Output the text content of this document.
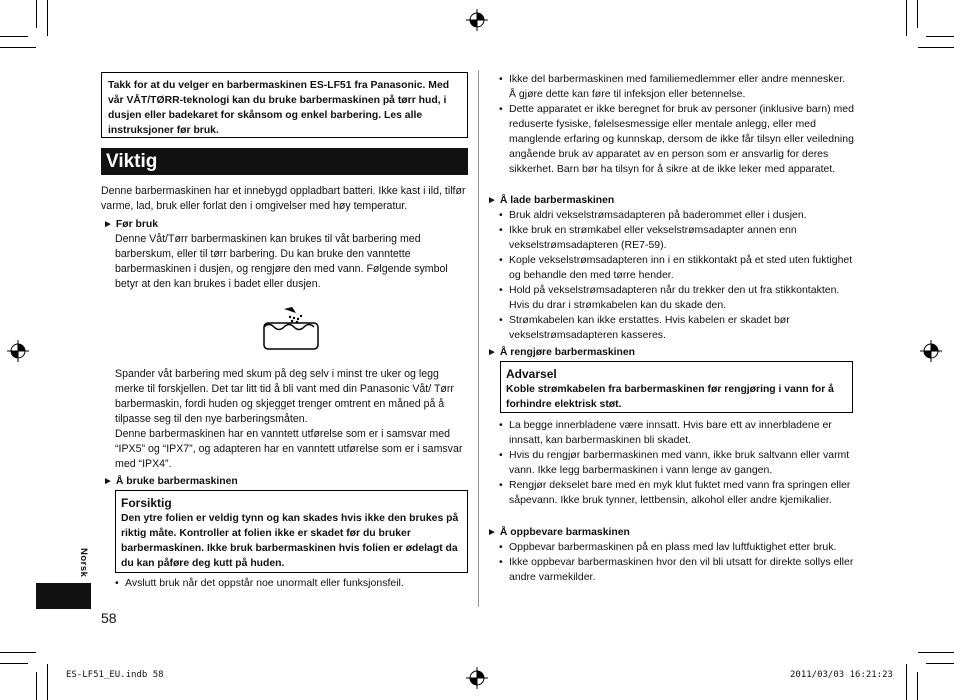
Takk for at du velger en barbermaskinen ES-LF51 fra Panasonic. Med vår VÅT/TØRR-teknologi kan du bruke barbermaskinen på tørr hud, i dusjen eller badekaret for skånsom og enkel barbering. Les alle instruksjoner før bruk.
Viktig
Denne barbermaskinen har et innebygd oppladbart batteri. Ikke kast i ild, tilfør varme, lad, bruk eller forlat den i omgivelser med høy temperatur.
► Før bruk
Denne Våt/Tørr barbermaskinen kan brukes til våt barbering med barberskum, eller til tørr barbering. Du kan bruke den vanntette barbermaskinen i dusjen, og rengjøre den med vann. Følgende symbol betyr at den kan brukes i badet eller dusjen.
Spander våt barbering med skum på deg selv i minst tre uker og legg merke til forskjellen. Det tar litt tid å bli vant med din Panasonic Våt/ Tørr barbermaskin, fordi huden og skjegget trenger omtrent en måned på å tilpasse seg til den nye barberingsmåten.
Denne barbermaskinen har en vanntett utførelse som er i samsvar med “IPX5” og “IPX7”, og adapteren har en vanntett utførelse som er i samsvar med “IPX4”.
► Å bruke barbermaskinen
Forsiktig
Den ytre folien er veldig tynn og kan skades hvis ikke den brukes på riktig måte. Kontroller at folien ikke er skadet før du bruker barbermaskinen. Ikke bruk barbermaskinen hvis folien er ødelagt da du kan påføre deg kutt på huden.
• Avslutt bruk når det oppstår noe unormalt eller funksjonsfeil.
Norsk
58
• Ikke del barbermaskinen med familiemedlemmer eller andre mennesker. Å gjøre dette kan føre til infeksjon eller betennelse.
• Dette apparatet er ikke beregnet for bruk av personer (inklusive barn) med reduserte fysiske, følelsesmessige eller mentale anlegg, eller med manglende erfaring og kunnskap, dersom de ikke får tilsyn eller veiledning angående bruk av apparatet av en person som er ansvarlig for deres sikkerhet. Barn bør ha tilsyn for å sikre at de ikke leker med apparatet.
► Å lade barbermaskinen
• Bruk aldri vekselstrømsadapteren på baderommet eller i dusjen.
• Ikke bruk en strømkabel eller vekselstrømsadapter annen enn vekselstrømsadapteren (RE7-59).
• Kople vekselstrømsadapteren inn i en stikkontakt på et sted uten fuktighet og behandle den med tørre hender.
• Hold på vekselstrømsadapteren når du trekker den ut fra stikkontakten. Hvis du drar i strømkabelen kan du skade den.
• Strømkabelen kan ikke erstattes. Hvis kabelen er skadet bør vekselstrømsadapteren kasseres.
► Å rengjøre barbermaskinen
Advarsel
Koble strømkabelen fra barbermaskinen før rengjøring i vann for å forhindre elektrisk støt.
• La begge innerbladene være innsatt. Hvis bare ett av innerbladene er innsatt, kan barbermaskinen bli skadet.
• Hvis du rengjør barbermaskinen med vann, ikke bruk saltvann eller varmt vann. Ikke legg barbermaskinen i vann lenge av gangen.
• Rengjør dekselet bare med en myk klut fuktet med vann fra springen eller såpevann. Ikke bruk tynner, lettbensin, alkohol eller andre kjemikalier.
► Å oppbevare barmaskinen
• Oppbevar barbermaskinen på en plass med lav luftfuktighet etter bruk.
• Ikke oppbevar barbermaskinen hvor den vil bli utsatt for direkte sollys eller andre varmekilder.
ES-LF51_EU.indb 58	2011/03/03 16:21:23
